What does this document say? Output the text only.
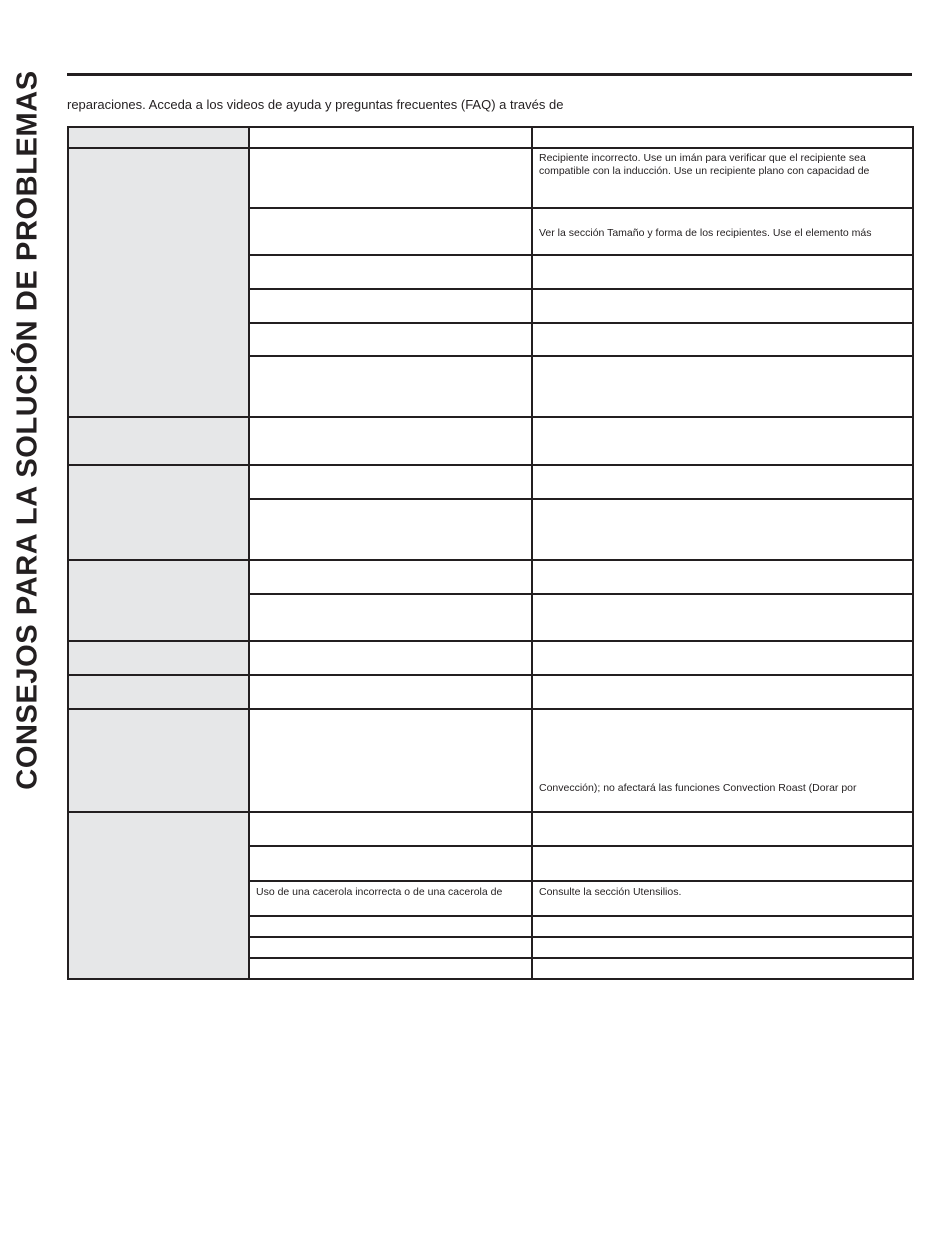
CONSEJOS PARA LA SOLUCIÓN DE PROBLEMAS reparaciones. Acceda a los videos de ayuda y preguntas frecuentes (FAQ) a través de

		Recipiente incorrecto. Use un imán para verificar que el recipiente sea compatible con la inducción. Use un recipiente plano con capacidad de
		Ver la sección Tamaño y forma de los recipientes. Use el elemento más

		Convección); no afectará las funciones Convection Roast (Dorar por

	Uso de una cacerola incorrecta o de una cacerola de	Consulte la sección Utensilios.
